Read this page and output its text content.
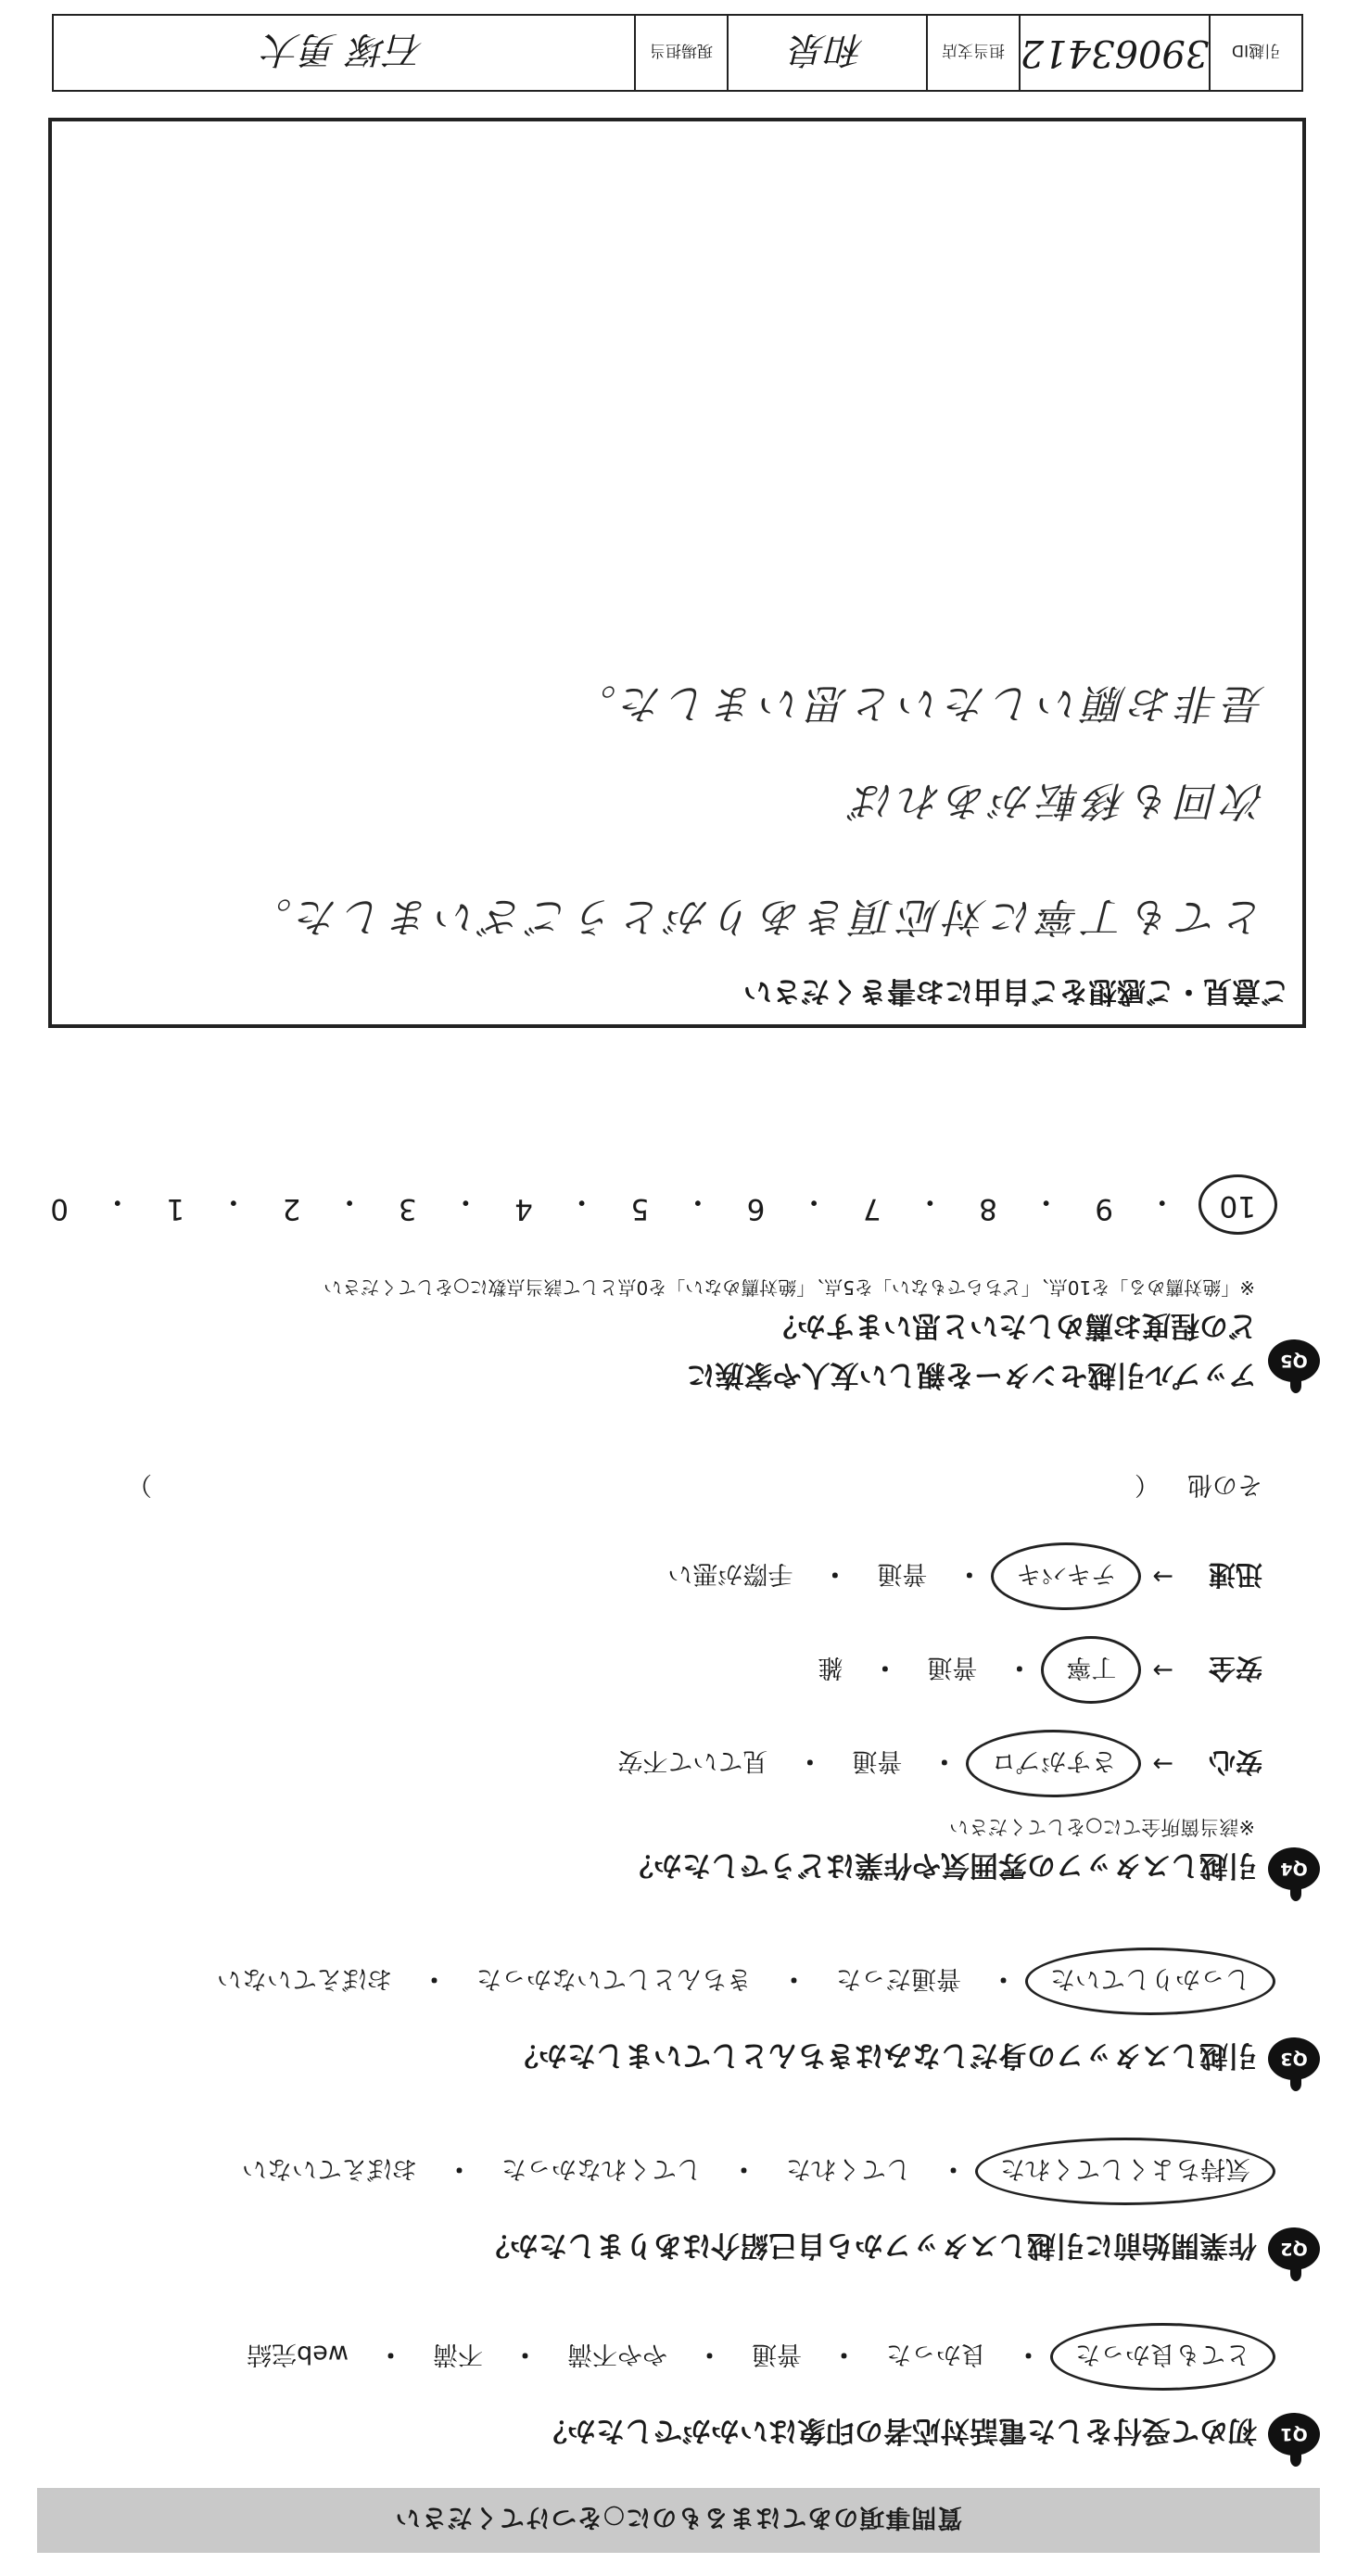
質問事項のあてはまるものに○をつけてください
Q1
初めて受付をした電話対応者の印象はいかがでしたか？
とても良かった
・
良かった
・
普通
・
やや不満
・
不満
・
web完結
Q2
作業開始前に引越しスタッフから自己紹介はありましたか？
気持ちよくしてくれた
・
してくれた
・
してくれなかった
・
おぼえていない
Q3
引越しスタッフの身だしなみはきちんとしていましたか？
しっかりしていた
・
普通だった
・
きちんとしていなかった
・
おぼえていない
Q4
引越しスタッフの雰囲気や作業はどうでしたか？
※該当箇所全てに○をしてください
安心
→
さすがプロ
・
普通
・
見ていて不安
安全
→
丁寧
・
普通
・
雑
迅速
→
テキパキ
・
普通
・
手際が悪い
その他
（
）
Q5
アップル引越センターを親しい友人や家族に
どの程度お薦めしたいと思いますか？
※「絶対薦める」を10点、「どちらでもない」を5点、「絶対薦めない」を0点として該当点数に○をしてください
10
・
9
・
8
・
7
・
6
・
5
・
4
・
3
・
2
・
1
・
0
ご意見・ご感想をご自由にお書きください
とても丁寧に対応頂きありがとうございました。
次回も移転があれば
是非お願いしたいと思いました。
引越ID
39063412
担当支店
和泉
現場担当
石塚 勇大
